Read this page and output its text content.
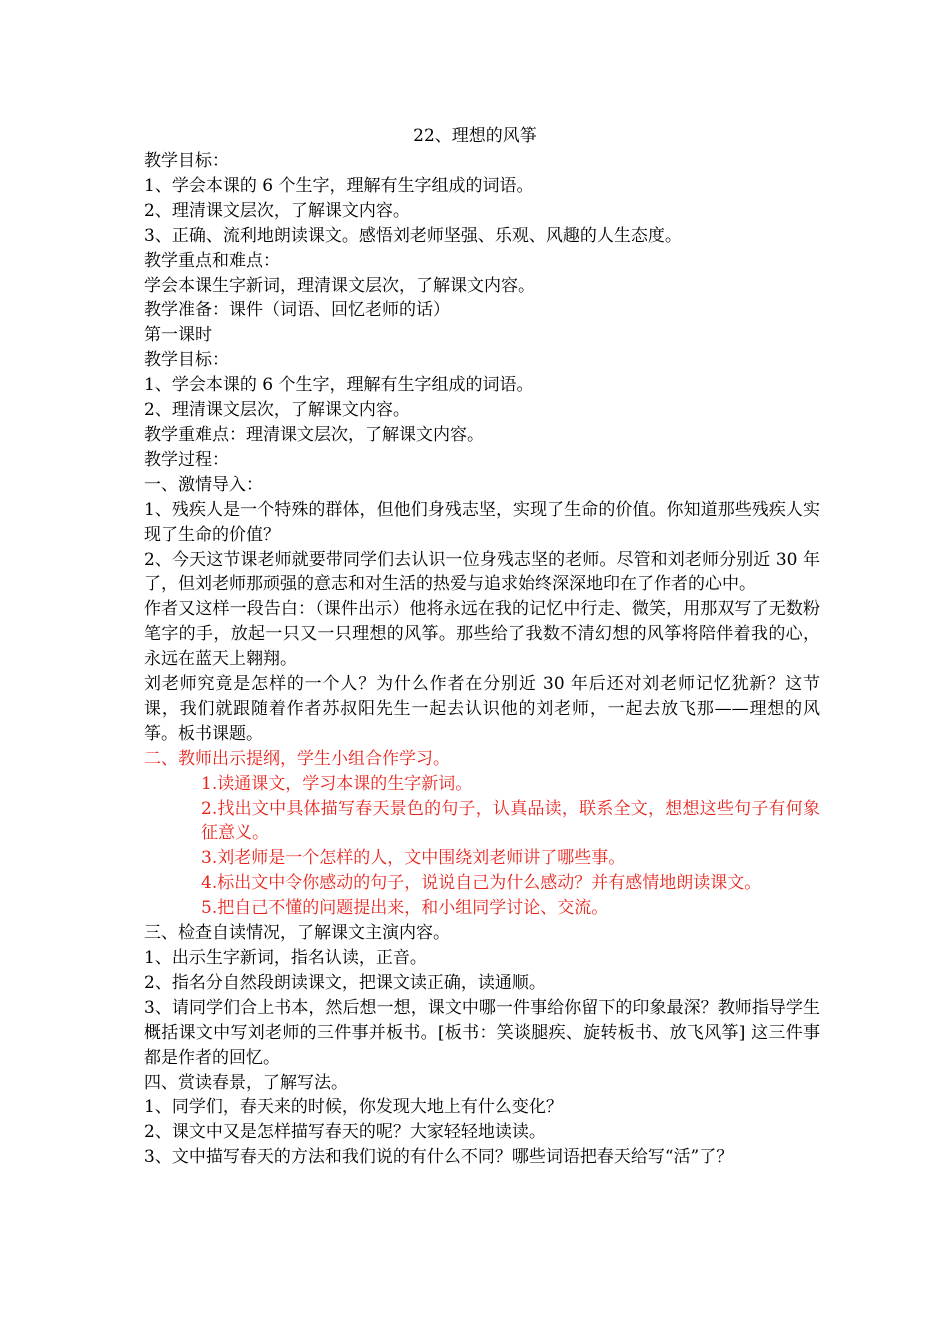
22、理想的风筝

教学目标：

1、学会本课的 6 个生字，理解有生字组成的词语。

2、理清课文层次，了解课文内容。

3、正确、流利地朗读课文。感悟刘老师坚强、乐观、风趣的人生态度。

教学重点和难点：

学会本课生字新词，理清课文层次，了解课文内容。

教学准备：课件（词语、回忆老师的话）

第一课时

教学目标：

1、学会本课的 6 个生字，理解有生字组成的词语。

2、理清课文层次，了解课文内容。

教学重难点：理清课文层次，了解课文内容。

教学过程：

一、激情导入：

1、残疾人是一个特殊的群体，但他们身残志坚，实现了生命的价值。你知道那些残疾人实现了生命的价值？

2、今天这节课老师就要带同学们去认识一位身残志坚的老师。尽管和刘老师分别近 30 年了，但刘老师那顽强的意志和对生活的热爱与追求始终深深地印在了作者的心中。

作者又这样一段告白：（课件出示）他将永远在我的记忆中行走、微笑，用那双写了无数粉笔字的手，放起一只又一只理想的风筝。那些给了我数不清幻想的风筝将陪伴着我的心，永远在蓝天上翱翔。

刘老师究竟是怎样的一个人？为什么作者在分别近 30 年后还对刘老师记忆犹新？这节课，我们就跟随着作者苏叔阳先生一起去认识他的刘老师，一起去放飞那——理想的风筝。板书课题。

二、教师出示提纲，学生小组合作学习。

1.读通课文，学习本课的生字新词。

2.找出文中具体描写春天景色的句子，认真品读，联系全文，想想这些句子有何象征意义。

3.刘老师是一个怎样的人，文中围绕刘老师讲了哪些事。

4.标出文中令你感动的句子，说说自己为什么感动？并有感情地朗读课文。

5.把自己不懂的问题提出来，和小组同学讨论、交流。

三、检查自读情况，了解课文主演内容。

1、出示生字新词，指名认读，正音。

2、指名分自然段朗读课文，把课文读正确，读通顺。

3、请同学们合上书本，然后想一想，课文中哪一件事给你留下的印象最深？教师指导学生概括课文中写刘老师的三件事并板书。[板书：笑谈腿疾、旋转板书、放飞风筝] 这三件事都是作者的回忆。

四、赏读春景，了解写法。

1、同学们，春天来的时候，你发现大地上有什么变化？

2、课文中又是怎样描写春天的呢？大家轻轻地读读。

3、文中描写春天的方法和我们说的有什么不同？哪些词语把春天给写“活”了？
